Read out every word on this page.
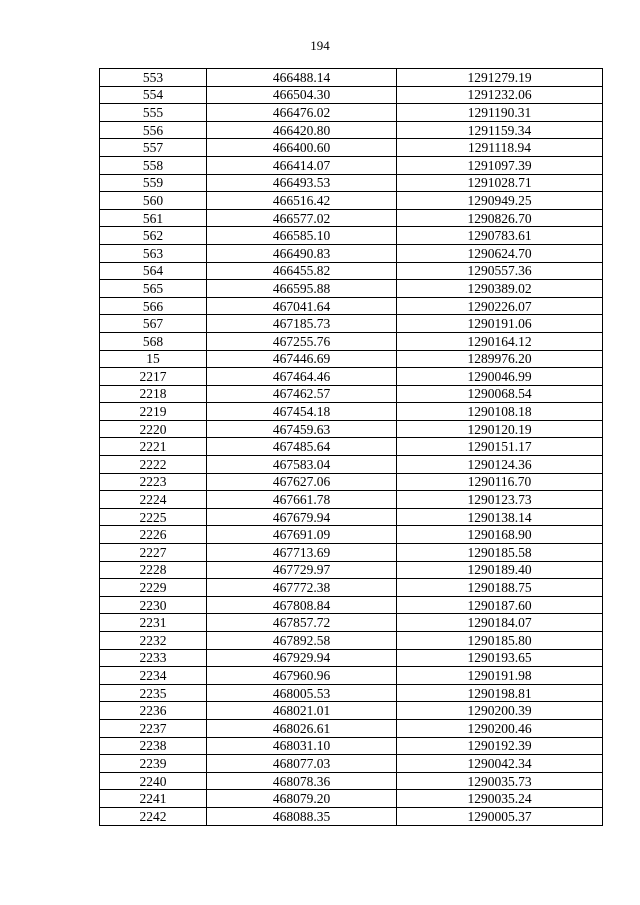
194
553	466488.14	1291279.19
554	466504.30	1291232.06
555	466476.02	1291190.31
556	466420.80	1291159.34
557	466400.60	1291118.94
558	466414.07	1291097.39
559	466493.53	1291028.71
560	466516.42	1290949.25
561	466577.02	1290826.70
562	466585.10	1290783.61
563	466490.83	1290624.70
564	466455.82	1290557.36
565	466595.88	1290389.02
566	467041.64	1290226.07
567	467185.73	1290191.06
568	467255.76	1290164.12
15	467446.69	1289976.20
2217	467464.46	1290046.99
2218	467462.57	1290068.54
2219	467454.18	1290108.18
2220	467459.63	1290120.19
2221	467485.64	1290151.17
2222	467583.04	1290124.36
2223	467627.06	1290116.70
2224	467661.78	1290123.73
2225	467679.94	1290138.14
2226	467691.09	1290168.90
2227	467713.69	1290185.58
2228	467729.97	1290189.40
2229	467772.38	1290188.75
2230	467808.84	1290187.60
2231	467857.72	1290184.07
2232	467892.58	1290185.80
2233	467929.94	1290193.65
2234	467960.96	1290191.98
2235	468005.53	1290198.81
2236	468021.01	1290200.39
2237	468026.61	1290200.46
2238	468031.10	1290192.39
2239	468077.03	1290042.34
2240	468078.36	1290035.73
2241	468079.20	1290035.24
2242	468088.35	1290005.37
